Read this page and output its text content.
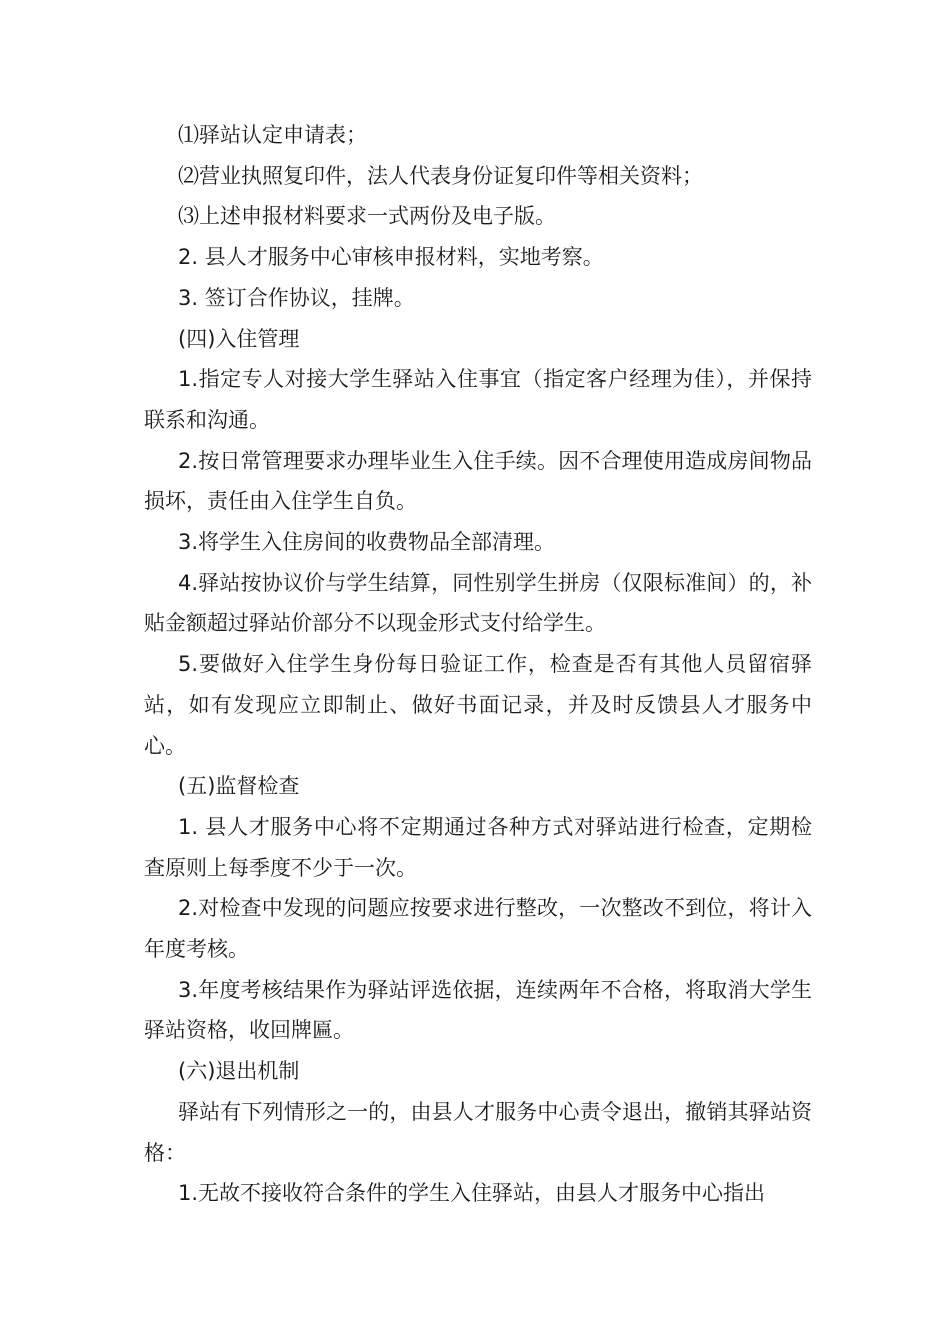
⑴驿站认定申请表；

⑵营业执照复印件，法人代表身份证复印件等相关资料；

⑶上述申报材料要求一式两份及电子版。

2. 县人才服务中心审核申报材料，实地考察。

3. 签订合作协议，挂牌。

(四)入住管理

1.指定专人对接大学生驿站入住事宜（指定客户经理为佳），并保持联系和沟通。

2.按日常管理要求办理毕业生入住手续。因不合理使用造成房间物品损坏，责任由入住学生自负。

3.将学生入住房间的收费物品全部清理。

4.驿站按协议价与学生结算，同性别学生拼房（仅限标准间）的，补贴金额超过驿站价部分不以现金形式支付给学生。

5.要做好入住学生身份每日验证工作，检查是否有其他人员留宿驿站，如有发现应立即制止、做好书面记录，并及时反馈县人才服务中心。

(五)监督检查

1. 县人才服务中心将不定期通过各种方式对驿站进行检查，定期检查原则上每季度不少于一次。

2.对检查中发现的问题应按要求进行整改，一次整改不到位，将计入年度考核。

3.年度考核结果作为驿站评选依据，连续两年不合格，将取消大学生驿站资格，收回牌匾。

(六)退出机制

驿站有下列情形之一的，由县人才服务中心责令退出，撤销其驿站资格：

1.无故不接收符合条件的学生入住驿站，由县人才服务中心指出
